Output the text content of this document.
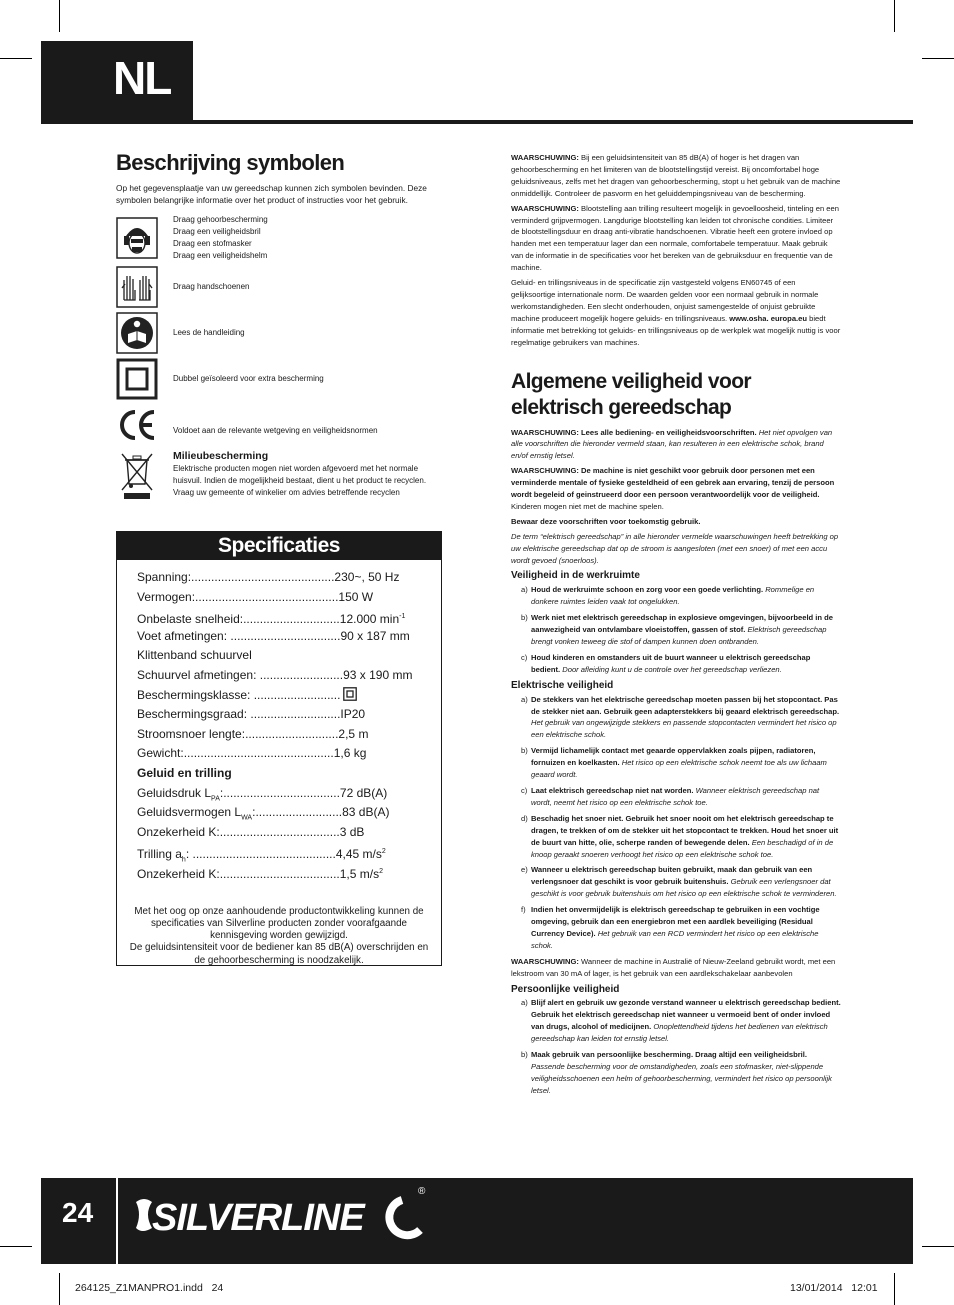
NL
Beschrijving symbolen
Op het gegevensplaatje van uw gereedschap kunnen zich symbolen bevinden. Deze symbolen belangrijke informatie over het product of instructies voor het gebruik.
Draag gehoorbescherming
Draag een veiligheidsbril
Draag een stofmasker
Draag een veiligheidshelm
Draag handschoenen
Lees de handleiding
Dubbel geïsoleerd voor extra bescherming
Voldoet aan de relevante wetgeving en veiligheidsnormen
Milieubescherming
Elektrische producten mogen niet worden afgevoerd met het normale huisvuil. Indien de mogelijkheid bestaat, dient u het product te recyclen. Vraag uw gemeente of winkelier om advies betreffende recyclen
Specificaties
Spanning:...........................................230~, 50 Hz
Vermogen:...........................................150 W
Onbelaste snelheid:.............................12.000 $\min^{-1}$
Voet afmetingen: .................................90 x 187 mm
Klittenband schuurvel
Schuurvel afmetingen: .........................93 x 190 mm
Beschermingsklasse: ..........................
Beschermingsgraad: ...........................IP20
Stroomsnoer lengte:............................2,5 m
Gewicht:.............................................1,6 kg
Geluid en trilling
Geluidsdruk $L_{PA}:...................................72$ dB(A)
Geluidsvermogen $L_{WA}:..........................83$ dB(A)
Onzekerheid K:....................................3 dB
Trilling $a_h$: ...........................................4,45 $m/s^2$
Onzekerheid K:....................................1,5 $m/s^2$
Met het oog op onze aanhoudende productontwikkeling kunnen de specificaties van Silverline producten zonder voorafgaande kennisgeving worden gewijzigd.
De geluidsintensiteit voor de bediener kan 85 dB(A) overschrijden en de gehoorbescherming is noodzakelijk.

WAARSCHUWING: Bij een geluidsintensiteit van 85 dB(A) of hoger is het dragen van gehoorbescherming en het limiteren van de blootstellingstijd vereist. Bij oncomfortabel hoge geluidsniveaus, zelfs met het dragen van gehoorbescherming, stopt u het gebruik van de machine onmiddellijk. Controleer de pasvorm en het geluiddempingsniveau van de bescherming.

WAARSCHUWING: Blootstelling aan trilling resulteert mogelijk in gevoelloosheid, tinteling en een verminderd grijpvermogen. Langdurige blootstelling kan leiden tot chronische condities. Limiteer de blootstellingsduur en draag anti-vibratie handschoenen. Vibratie heeft een grotere invloed op handen met een temperatuur lager dan een normale, comfortabele temperatuur. Maak gebruik van de informatie in de specificaties voor het bereken van de gebruiksduur en frequentie van de machine.

Geluid- en trillingsniveaus in de specificatie zijn vastgesteld volgens EN60745 of een gelijksoortige internationale norm. De waarden gelden voor een normaal gebruik in normale werkomstandigheden. Een slecht onderhouden, onjuist samengestelde of onjuist gebruikte machine produceert mogelijk hogere geluids- en trillingsniveaus. www.osha. europa.eu biedt informatie met betrekking tot geluids- en trillingsniveaus op de werkplek wat mogelijk nuttig is voor regelmatige gebruikers van machines.

Algemene veiligheid voor elektrisch gereedschap

WAARSCHUWING: Lees alle bediening- en veiligheidsvoorschriften. Het niet opvolgen van alle voorschriften die hieronder vermeld staan, kan resulteren in een elektrische schok, brand en/of ernstig letsel.

WAARSCHUWING: De machine is niet geschikt voor gebruik door personen met een verminderde mentale of fysieke gesteldheid of een gebrek aan ervaring, tenzij de persoon wordt begeleid of geinstrueerd door een persoon verantwoordelijk voor de veiligheid. Kinderen mogen niet met de machine spelen.

Bewaar deze voorschriften voor toekomstig gebruik.

De term “elektrisch gereedschap” in alle hieronder vermelde waarschuwingen heeft betrekking op uw elektrische gereedschap dat op de stroom is aangesloten (met een snoer) of met een accu wordt gevoed (snoerloos).

Veiligheid in de werkruimte
a) Houd de werkruimte schoon en zorg voor een goede verlichting. Rommelige en donkere ruimtes leiden vaak tot ongelukken.
b) Werk niet met elektrisch gereedschap in explosieve omgevingen, bijvoorbeeld in de aanwezigheid van ontvlambare vloeistoffen, gassen of stof. Elektrisch gereedschap brengt vonken teweeg die stof of dampen kunnen doen ontbranden.
c) Houd kinderen en omstanders uit de buurt wanneer u elektrisch gereedschap bedient. Door afleiding kunt u de controle over het gereedschap verliezen.
Elektrische veiligheid
a) De stekkers van het elektrische gereedschap moeten passen bij het stopcontact. Pas de stekker niet aan. Gebruik geen adapterstekkers bij geaard elektrisch gereedschap. Het gebruik van ongewijzigde stekkers en passende stopcontacten vermindert het risico op een elektrische schok.
b) Vermijd lichamelijk contact met geaarde oppervlakken zoals pijpen, radiatoren, fornuizen en koelkasten. Het risico op een elektrische schok neemt toe als uw lichaam geaard wordt.
c) Laat elektrisch gereedschap niet nat worden. Wanneer elektrisch gereedschap nat wordt, neemt het risico op een elektrische schok toe.
d) Beschadig het snoer niet. Gebruik het snoer nooit om het elektrisch gereedschap te dragen, te trekken of om de stekker uit het stopcontact te trekken. Houd het snoer uit de buurt van hitte, olie, scherpe randen of bewegende delen. Een beschadigd of in de knoop geraakt snoeren verhoogt het risico op een elektrische schok toe.
e) Wanneer u elektrisch gereedschap buiten gebruikt, maak dan gebruik van een verlengsnoer dat geschikt is voor gebruik buitenshuis. Gebruik een verlengsnoer dat geschikt is voor gebruik buitenshuis om het risico op een elektrische schok te verminderen.
f) Indien het onvermijdelijk is elektrisch gereedschap te gebruiken in een vochtige omgeving, gebruik dan een energiebron met een aardlek beveiliging (Residual Currency Device). Het gebruik van een RCD vermindert het risico op een elektrische schok.

WAARSCHUWING: Wanneer de machine in Australië of Nieuw-Zeeland gebruikt wordt, met een lekstroom van 30 mA of lager, is het gebruik van een aardlekschakelaar aanbevolen

Persoonlijke veiligheid
a) Blijf alert en gebruik uw gezonde verstand wanneer u elektrisch gereedschap bedient. Gebruik het elektrisch gereedschap niet wanneer u vermoeid bent of onder invloed van drugs, alcohol of medicijnen. Onoplettendheid tijdens het bedienen van elektrisch gereedschap kan leiden tot ernstig letsel.
b) Maak gebruik van persoonlijke bescherming. Draag altijd een veiligheidsbril. Passende bescherming voor de omstandigheden, zoals een stofmasker, niet-slippende veiligheidsschoenen een helm of gehoorbescherming, vermindert het risico op persoonlijk letsel.
24 SILVERLINE
®
264125_Z1MANPRO1.indd   24	13/01/2014   12:01
